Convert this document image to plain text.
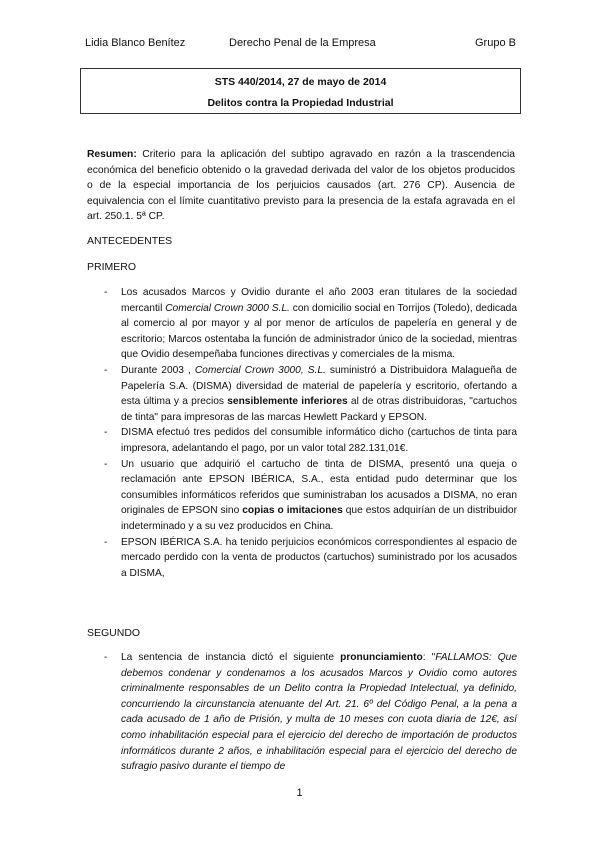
Lidia Blanco Benítez	Derecho Penal de la Empresa	Grupo B
STS 440/2014, 27 de mayo de 2014
Delitos contra la Propiedad Industrial
Resumen: Criterio para la aplicación del subtipo agravado en razón a la trascendencia económica del beneficio obtenido o la gravedad derivada del valor de los objetos producidos o de la especial importancia de los perjuicios causados (art. 276 CP). Ausencia de equivalencia con el límite cuantitativo previsto para la presencia de la estafa agravada en el art. 250.1. 5ª CP.
ANTECEDENTES
PRIMERO
- Los acusados Marcos y Ovidio durante el año 2003 eran titulares de la sociedad mercantil Comercial Crown 3000 S.L. con domicilio social en Torrijos (Toledo), dedicada al comercio al por mayor y al por menor de artículos de papelería en general y de escritorio; Marcos ostentaba la función de administrador único de la sociedad, mientras que Ovidio desempeñaba funciones directivas y comerciales de la misma.
- Durante 2003 , Comercial Crown 3000, S.L. suministró a Distribuidora Malagueña de Papelería S.A. (DISMA) diversidad de material de papelería y escritorio, ofertando a esta última y a precios sensiblemente inferiores al de otras distribuidoras, "cartuchos de tinta" para impresoras de las marcas Hewlett Packard y EPSON.
- DISMA efectuó tres pedidos del consumible informático dicho (cartuchos de tinta para impresora, adelantando el pago, por un valor total 282.131,01€.
- Un usuario que adquirió el cartucho de tinta de DISMA, presentó una queja o reclamación ante EPSON IBÉRICA, S.A., esta entidad pudo determinar que los consumibles informáticos referidos que suministraban los acusados a DISMA, no eran originales de EPSON sino copias o imitaciones que estos adquirían de un distribuidor indeterminado y a su vez producidos en China.
- EPSON IBÉRICA S.A. ha tenido perjuicios económicos correspondientes al espacio de mercado perdido con la venta de productos (cartuchos) suministrado por los acusados a DISMA,
SEGUNDO
- La sentencia de instancia dictó el siguiente pronunciamiento: "FALLAMOS: Que debemos condenar y condenamos a los acusados Marcos y Ovidio como autores criminalmente responsables de un Delito contra la Propiedad Intelectual, ya definido, concurriendo la circunstancia atenuante del Art. 21. 6º del Código Penal, a la pena a cada acusado de 1 año de Prisión, y multa de 10 meses con cuota diaria de 12€, así como inhabilitación especial para el ejercicio del derecho de importación de productos informáticos durante 2 años, e inhabilitación especial para el ejercicio del derecho de sufragio pasivo durante el tiempo de
1
